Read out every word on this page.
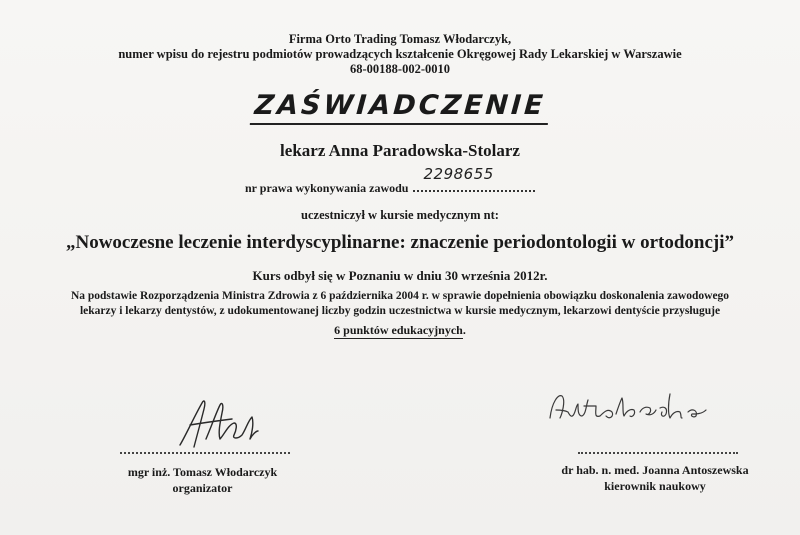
Firma Orto Trading Tomasz Włodarczyk,
numer wpisu do rejestru podmiotów prowadzących kształcenie Okręgowej Rady Lekarskiej w Warszawie
68-00188-002-0010
ZAŚWIADCZENIE
lekarz Anna Paradowska-Stolarz
nr prawa wykonywania zawodu
2298655
uczestniczył w kursie medycznym nt:
„Nowoczesne leczenie interdyscyplinarne: znaczenie periodontologii w ortodoncji”
Kurs odbył się w Poznaniu w dniu 30 września 2012r.
Na podstawie Rozporządzenia Ministra Zdrowia z 6 października 2004 r. w sprawie dopełnienia obowiązku doskonalenia zawodowego
lekarzy i lekarzy dentystów, z udokumentowanej liczby godzin uczestnictwa w kursie medycznym, lekarzowi dentyście przysługuje
6 punktów edukacyjnych.
mgr inż. Tomasz Włodarczyk
organizator
dr hab. n. med. Joanna Antoszewska
kierownik naukowy
